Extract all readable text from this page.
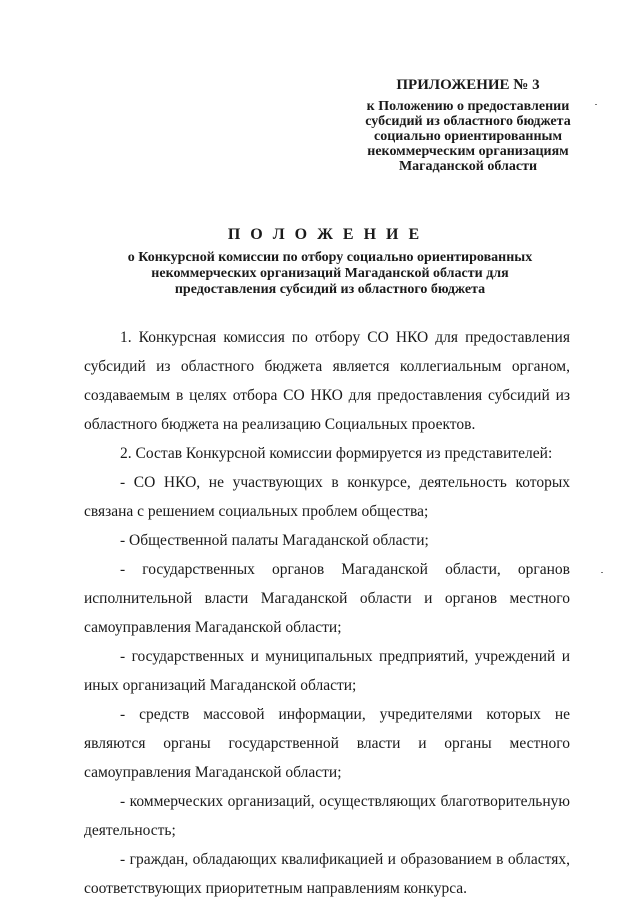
ПРИЛОЖЕНИЕ № 3
к Положению о предоставлении
субсидий из областного бюджета
социально ориентированным
некоммерческим организациям
Магаданской области
П О Л О Ж Е Н И Е
о Конкурсной комиссии по отбору социально ориентированных
некоммерческих организаций Магаданской области для
предоставления субсидий из областного бюджета

1. Конкурсная комиссия по отбору СО НКО для предоставления субсидий из областного бюджета является коллегиальным органом, создаваемым в целях отбора СО НКО для предоставления субсидий из областного бюджета на реализацию Социальных проектов.

2. Состав Конкурсной комиссии формируется из представителей:

- СО НКО, не участвующих в конкурсе, деятельность которых связана с решением социальных проблем общества;

- Общественной палаты Магаданской области;

- государственных органов Магаданской области, органов исполнительной власти Магаданской области и органов местного самоуправления Магаданской области;

- государственных и муниципальных предприятий, учреждений и иных организаций Магаданской области;

- средств массовой информации, учредителями которых не являются органы государственной власти и органы местного самоуправления Магаданской области;

- коммерческих организаций, осуществляющих благотворительную деятельность;

- граждан, обладающих квалификацией и образованием в областях, соответствующих приоритетным направлениям конкурса.
